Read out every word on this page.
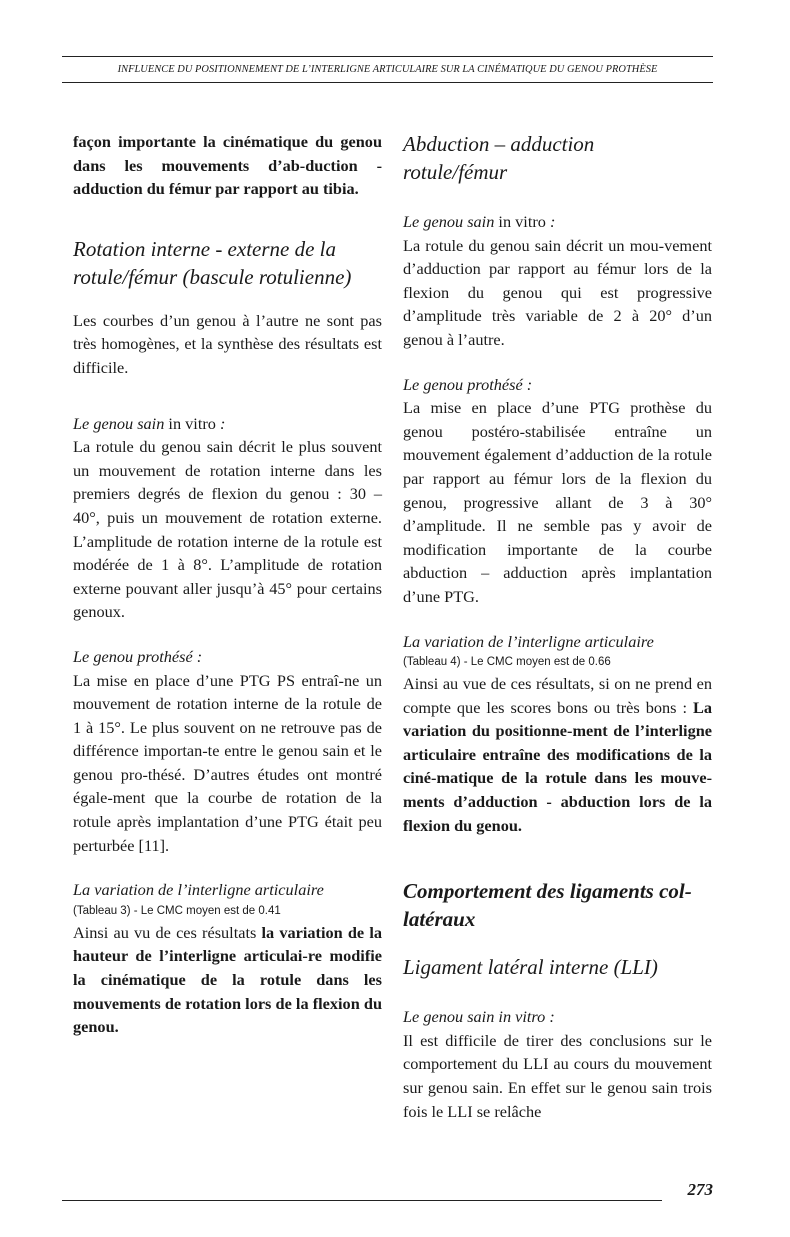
INFLUENCE DU POSITIONNEMENT DE L’INTERLIGNE ARTICULAIRE SUR LA CINÉMATIQUE DU GENOU PROTHÈSE

façon importante la cinématique du genou dans les mouvements d’ab-duction - adduction du fémur par rapport au tibia.

Rotation interne - externe de la
rotule/fémur (bascule rotulienne)

Les courbes d’un genou à l’autre ne sont pas très homogènes, et la synthèse des résultats est difficile.

Le genou sain in vitro :

La rotule du genou sain décrit le plus souvent un mouvement de rotation interne dans les premiers degrés de flexion du genou : 30 – 40°, puis un mouvement de rotation externe. L’amplitude de rotation interne de la rotule est modérée de 1 à 8°. L’amplitude de rotation externe pouvant aller jusqu’à 45° pour certains genoux.

Le genou prothésé :

La mise en place d’une PTG PS entraî-ne un mouvement de rotation interne de la rotule de 1 à 15°. Le plus souvent on ne retrouve pas de différence importan-te entre le genou sain et le genou pro-thésé. D’autres études ont montré égale-ment que la courbe de rotation de la rotule après implantation d’une PTG était peu perturbée [11].

La variation de l’interligne articulaire

(Tableau 3) - Le CMC moyen est de 0.41

Ainsi au vu de ces résultats la variation de la hauteur de l’interligne articulai-re modifie la cinématique de la rotule dans les mouvements de rotation lors de la flexion du genou.

Abduction – adduction
rotule/fémur

Le genou sain in vitro :

La rotule du genou sain décrit un mou-vement d’adduction par rapport au fémur lors de la flexion du genou qui est progressive d’amplitude très variable de 2 à 20° d’un genou à l’autre.

Le genou prothésé :

La mise en place d’une PTG prothèse du genou postéro-stabilisée entraîne un mouvement également d’adduction de la rotule par rapport au fémur lors de la flexion du genou, progressive allant de 3 à 30° d’amplitude. Il ne semble pas y avoir de modification importante de la courbe abduction – adduction après implantation d’une PTG.

La variation de l’interligne articulaire

(Tableau 4) - Le CMC moyen est de 0.66

Ainsi au vue de ces résultats, si on ne prend en compte que les scores bons ou très bons : La variation du positionne-ment de l’interligne articulaire entraîne des modifications de la ciné-matique de la rotule dans les mouve-ments d’adduction - abduction lors de la flexion du genou.

Comportement des ligaments col-
latéraux
Ligament latéral interne (LLI)

Le genou sain in vitro :

Il est difficile de tirer des conclusions sur le comportement du LLI au cours du mouvement sur genou sain. En effet sur le genou sain trois fois le LLI se relâche

273
